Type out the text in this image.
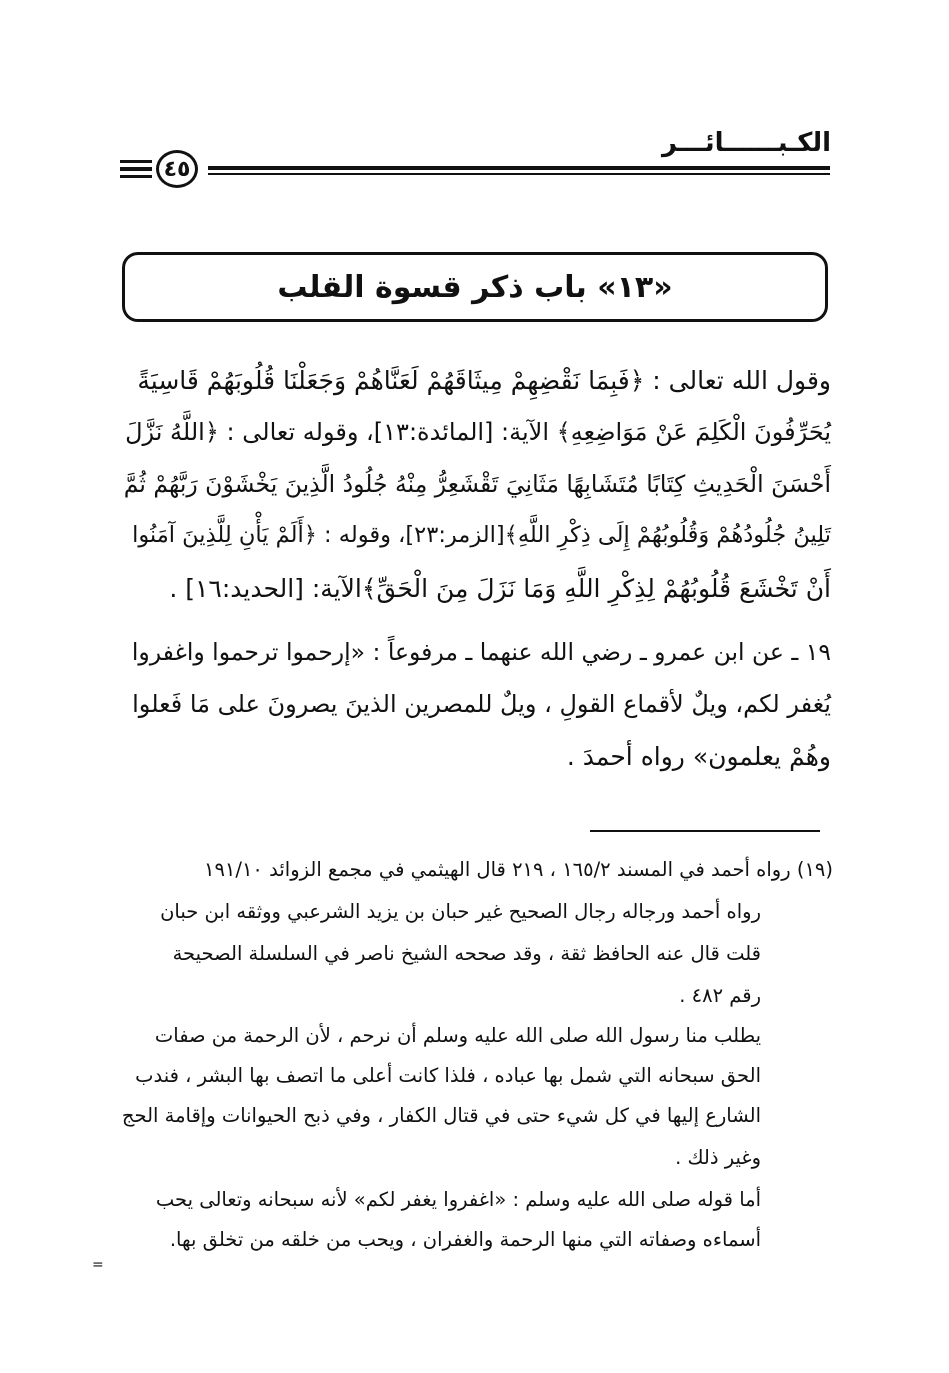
الكـبــــــائـــر
٤٥
«١٣» باب ذكر قسوة القلب
وقول الله تعالى : ﴿فَبِمَا نَقْضِهِمْ مِيثَاقَهُمْ لَعَنَّاهُمْ وَجَعَلْنَا قُلُوبَهُمْ قَاسِيَةً
يُحَرِّفُونَ الْكَلِمَ عَنْ مَوَاضِعِهِ﴾ الآية: [المائدة:١٣]، وقوله تعالى : ﴿اللَّهُ نَزَّلَ
أَحْسَنَ الْحَدِيثِ كِتَابًا مُتَشَابِهًا مَثَانِيَ تَقْشَعِرُّ مِنْهُ جُلُودُ الَّذِينَ يَخْشَوْنَ رَبَّهُمْ ثُمَّ
تَلِينُ جُلُودُهُمْ وَقُلُوبُهُمْ إِلَى ذِكْرِ اللَّهِ﴾[الزمر:٢٣]، وقوله : ﴿أَلَمْ يَأْنِ لِلَّذِينَ آمَنُوا
أَنْ تَخْشَعَ قُلُوبُهُمْ لِذِكْرِ اللَّهِ وَمَا نَزَلَ مِنَ الْحَقِّ﴾الآية: [الحديد:١٦] .
١٩ ـ عن ابن عمرو ـ رضي الله عنهما ـ مرفوعاً : «إرحموا ترحموا واغفروا
يُغفر لكم، ويلٌ لأقماع القولِ ، ويلٌ للمصرين الذينَ يصرونَ على مَا فَعلوا
وهُمْ يعلمون» رواه أحمدَ .
(١٩) رواه أحمد في المسند ١٦٥/٢ ، ٢١٩ قال الهيثمي في مجمع الزوائد ١٩١/١٠
رواه أحمد ورجاله رجال الصحيح غير حبان بن يزيد الشرعبي ووثقه ابن حبان
قلت قال عنه الحافظ ثقة ، وقد صححه الشيخ ناصر في السلسلة الصحيحة
رقم ٤٨٢ .
يطلب منا رسول الله صلى الله عليه وسلم أن نرحم ، لأن الرحمة من صفات
الحق سبحانه التي شمل بها عباده ، فلذا كانت أعلى ما اتصف بها البشر ، فندب
الشارع إليها في كل شيء حتى في قتال الكفار ، وفي ذبح الحيوانات وإقامة الحج
وغير ذلك .
أما قوله صلى الله عليه وسلم : «اغفروا يغفر لكم» لأنه سبحانه وتعالى يحب
أسماءه وصفاته التي منها الرحمة والغفران ، ويحب من خلقه من تخلق بها.
=
